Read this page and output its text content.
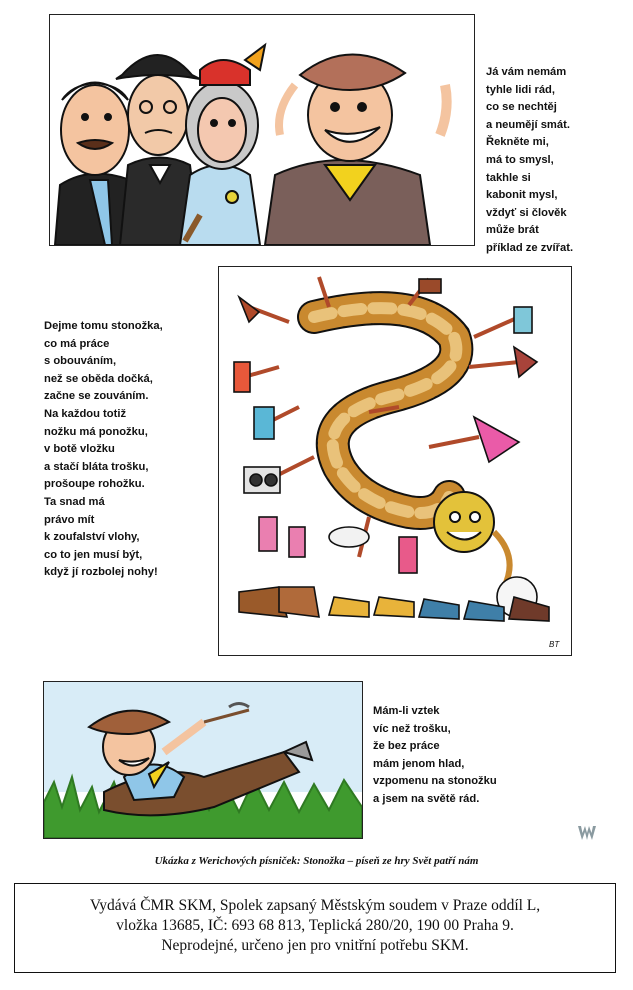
Já vám nemám
tyhle lidi rád,
co se nechtěj
a neumějí smát.
Řekněte mi,
má to smysl,
takhle si
kabonit mysl,
vždyť si člověk
může brát
příklad ze zvířat.
Dejme tomu stonožka,
co má práce
s obouváním,
než se oběda dočká,
začne se zouváním.
Na každou totiž
nožku má ponožku,
v botě vložku
a stačí bláta trošku,
prošoupe rohožku.
Ta snad má
právo mít
k zoufalství vlohy,
co to jen musí být,
když jí rozbolej nohy!
BT
Mám-li vztek
víc než trošku,
že bez práce
mám jenom hlad,
vzpomenu na stonožku
a jsem na světě rád.
Ukázka z Werichových písniček: Stonožka – píseň ze hry Svět patří nám
Vydává ČMR SKM, Spolek zapsaný Městským soudem v Praze oddíl L,
vložka 13685, IČ: 693 68 813, Teplická 280/20, 190 00 Praha 9.
Neprodejné, určeno jen pro vnitřní potřebu SKM.
